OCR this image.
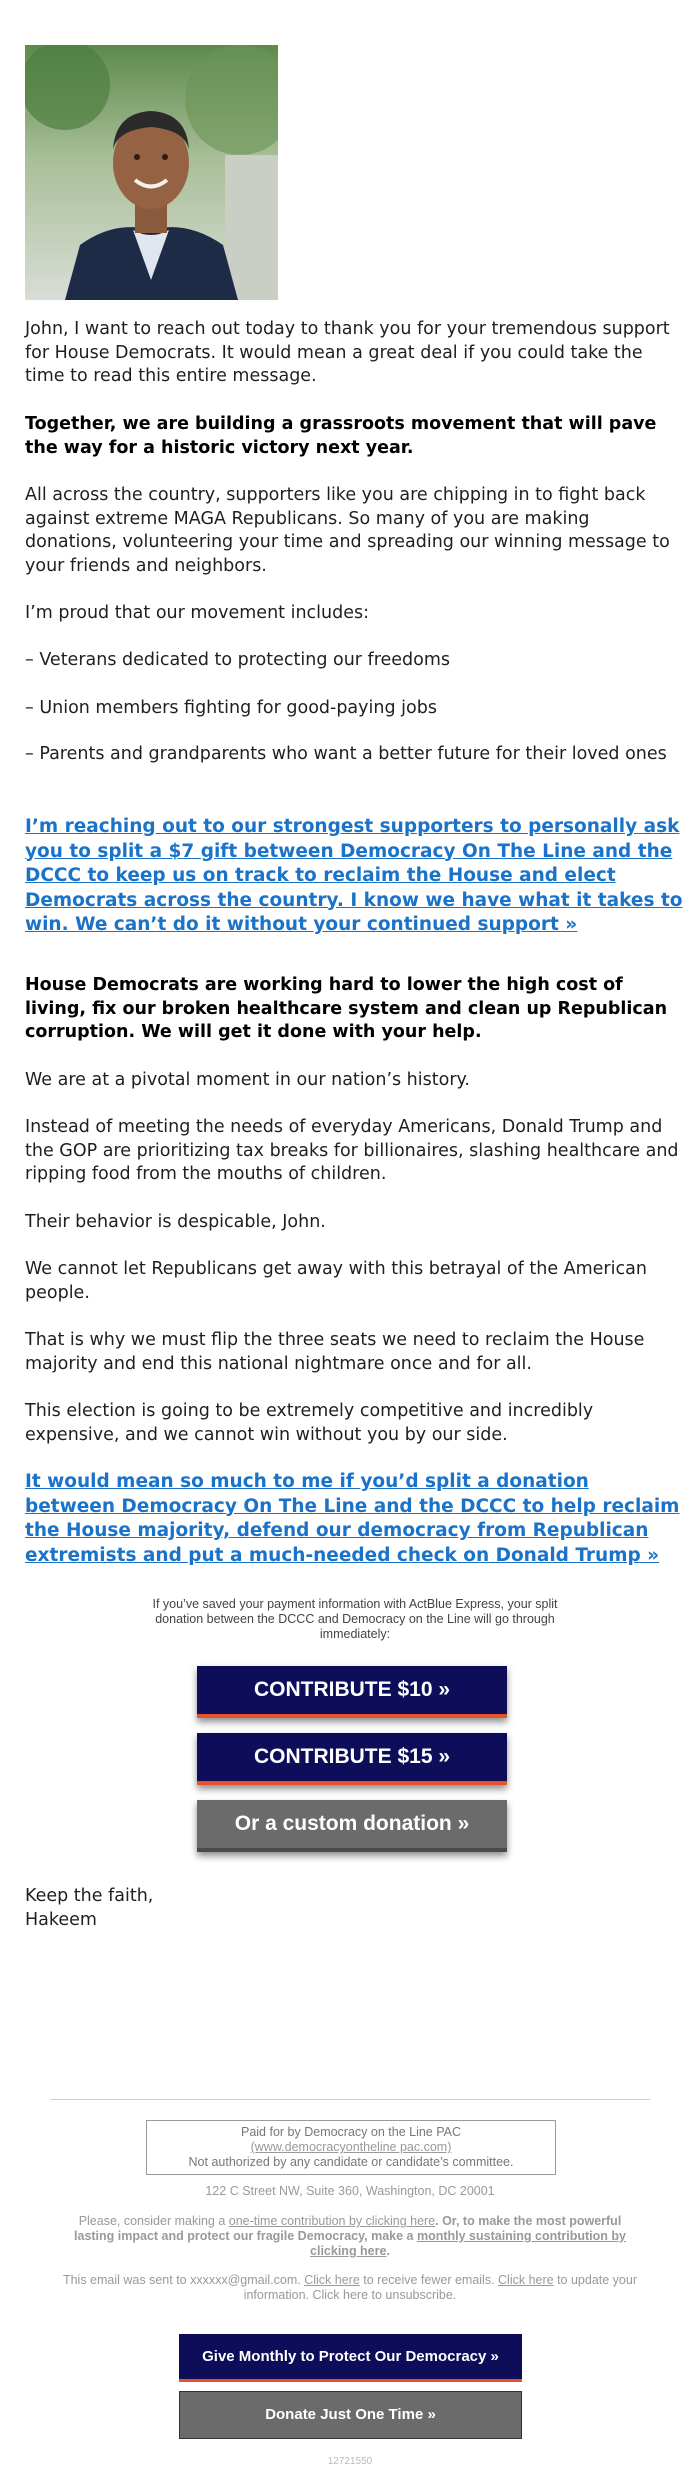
John, I want to reach out today to thank you for your tremendous support for House Democrats. It would mean a great deal if you could take the time to read this entire message.

Together, we are building a grassroots movement that will pave the way for a historic victory next year.

All across the country, supporters like you are chipping in to fight back against extreme MAGA Republicans. So many of you are making donations, volunteering your time and spreading our winning message to your friends and neighbors.

I’m proud that our movement includes:

– Veterans dedicated to protecting our freedoms

– Union members fighting for good-paying jobs

– Parents and grandparents who want a better future for their loved ones

I’m reaching out to our strongest supporters to personally ask you to split a $7 gift between Democracy On The Line and the DCCC to keep us on track to reclaim the House and elect Democrats across the country. I know we have what it takes to win. We can’t do it without your continued support »

House Democrats are working hard to lower the high cost of living, fix our broken healthcare system and clean up Republican corruption. We will get it done with your help.

We are at a pivotal moment in our nation’s history.

Instead of meeting the needs of everyday Americans, Donald Trump and the GOP are prioritizing tax breaks for billionaires, slashing healthcare and ripping food from the mouths of children.

Their behavior is despicable, John.

We cannot let Republicans get away with this betrayal of the American people.

That is why we must flip the three seats we need to reclaim the House majority and end this national nightmare once and for all.

This election is going to be extremely competitive and incredibly expensive, and we cannot win without you by our side.

It would mean so much to me if you’d split a donation between Democracy On The Line and the DCCC to help reclaim the House majority, defend our democracy from Republican extremists and put a much-needed check on Donald Trump »

If you’ve saved your payment information with ActBlue Express, your split donation between the DCCC and Democracy on the Line will go through immediately:
CONTRIBUTE $10 »
CONTRIBUTE $15 »
Or a custom donation »

Keep the faith,

Hakeem

Paid for by Democracy on the Line PAC
(www.democracyontheline pac.com)
Not authorized by any candidate or candidate’s committee.
122 C Street NW, Suite 360, Washington, DC 20001
Please, consider making a one-time contribution by clicking here. Or, to make the most powerful lasting impact and protect our fragile Democracy, make a monthly sustaining contribution by clicking here.
This email was sent to xxxxxx@gmail.com. Click here to receive fewer emails. Click here to update your information. Click here to unsubscribe.
Give Monthly to Protect Our Democracy »
Donate Just One Time »
12721550
